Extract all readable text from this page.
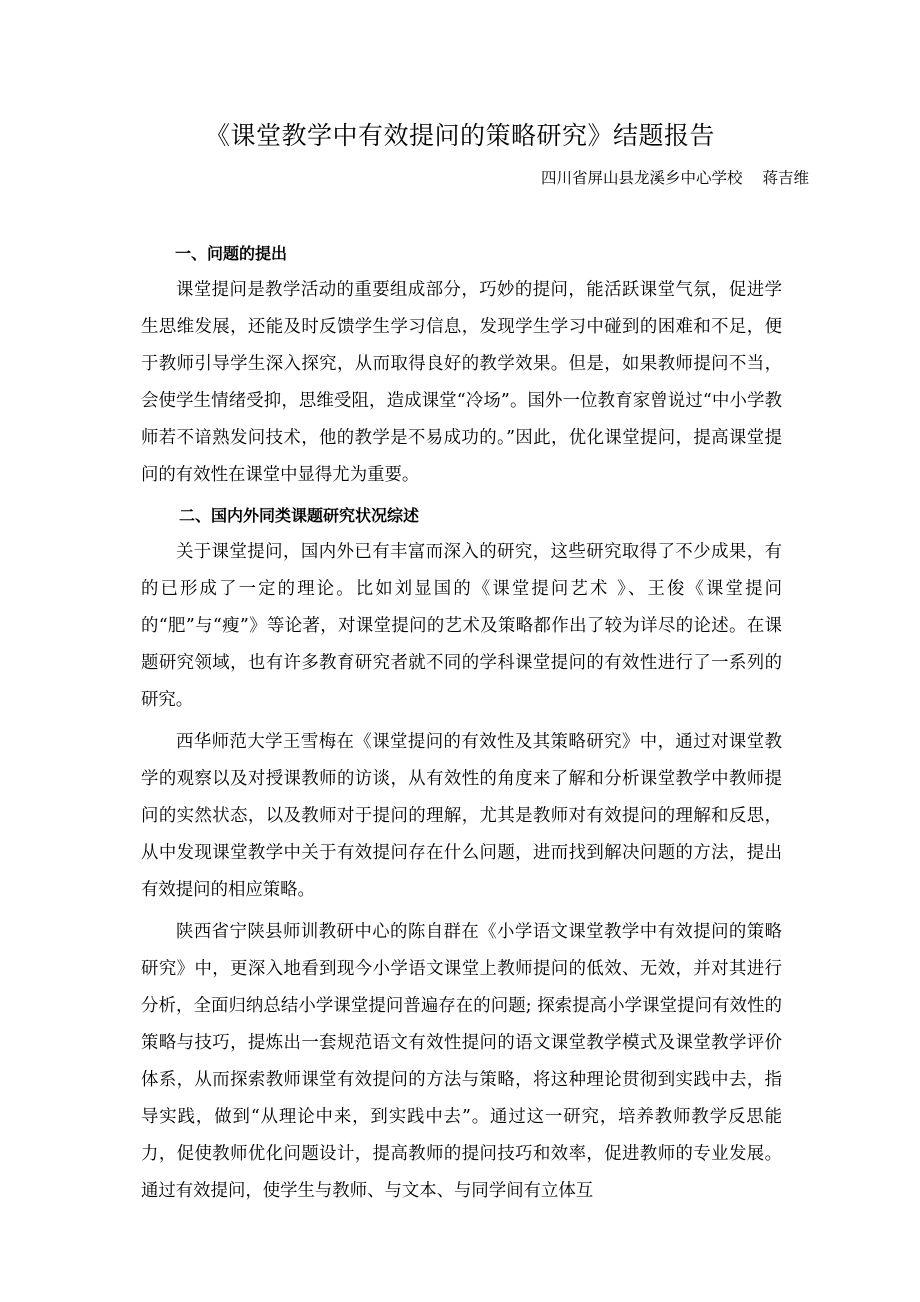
《课堂教学中有效提问的策略研究》结题报告

四川省屏山县龙溪乡中心学校 蒋吉维

一、问题的提出

课堂提问是教学活动的重要组成部分，巧妙的提问，能活跃课堂气氛，促进学生思维发展，还能及时反馈学生学习信息，发现学生学习中碰到的困难和不足，便于教师引导学生深入探究，从而取得良好的教学效果。但是，如果教师提问不当，会使学生情绪受抑，思维受阻，造成课堂“冷场”。国外一位教育家曾说过“中小学教师若不谙熟发问技术，他的教学是不易成功的。”因此，优化课堂提问，提高课堂提问的有效性在课堂中显得尤为重要。

二、国内外同类课题研究状况综述

关于课堂提问，国内外已有丰富而深入的研究，这些研究取得了不少成果，有的已形成了一定的理论。比如刘显国的《课堂提问艺术 》、王俊《课堂提问的“肥”与“瘦”》等论著，对课堂提问的艺术及策略都作出了较为详尽的论述。在课题研究领域，也有许多教育研究者就不同的学科课堂提问的有效性进行了一系列的研究。

西华师范大学王雪梅在《课堂提问的有效性及其策略研究》中，通过对课堂教学的观察以及对授课教师的访谈，从有效性的角度来了解和分析课堂教学中教师提问的实然状态，以及教师对于提问的理解，尤其是教师对有效提问的理解和反思，从中发现课堂教学中关于有效提问存在什么问题，进而找到解决问题的方法，提出有效提问的相应策略。

陕西省宁陕县师训教研中心的陈自群在《小学语文课堂教学中有效提问的策略研究》中，更深入地看到现今小学语文课堂上教师提问的低效、无效，并对其进行分析，全面归纳总结小学课堂提问普遍存在的问题; 探索提高小学课堂提问有效性的策略与技巧，提炼出一套规范语文有效性提问的语文课堂教学模式及课堂教学评价体系，从而探索教师课堂有效提问的方法与策略，将这种理论贯彻到实践中去，指导实践，做到“从理论中来，到实践中去”。通过这一研究，培养教师教学反思能力，促使教师优化问题设计，提高教师的提问技巧和效率，促进教师的专业发展。通过有效提问，使学生与教师、与文本、与同学间有立体互
